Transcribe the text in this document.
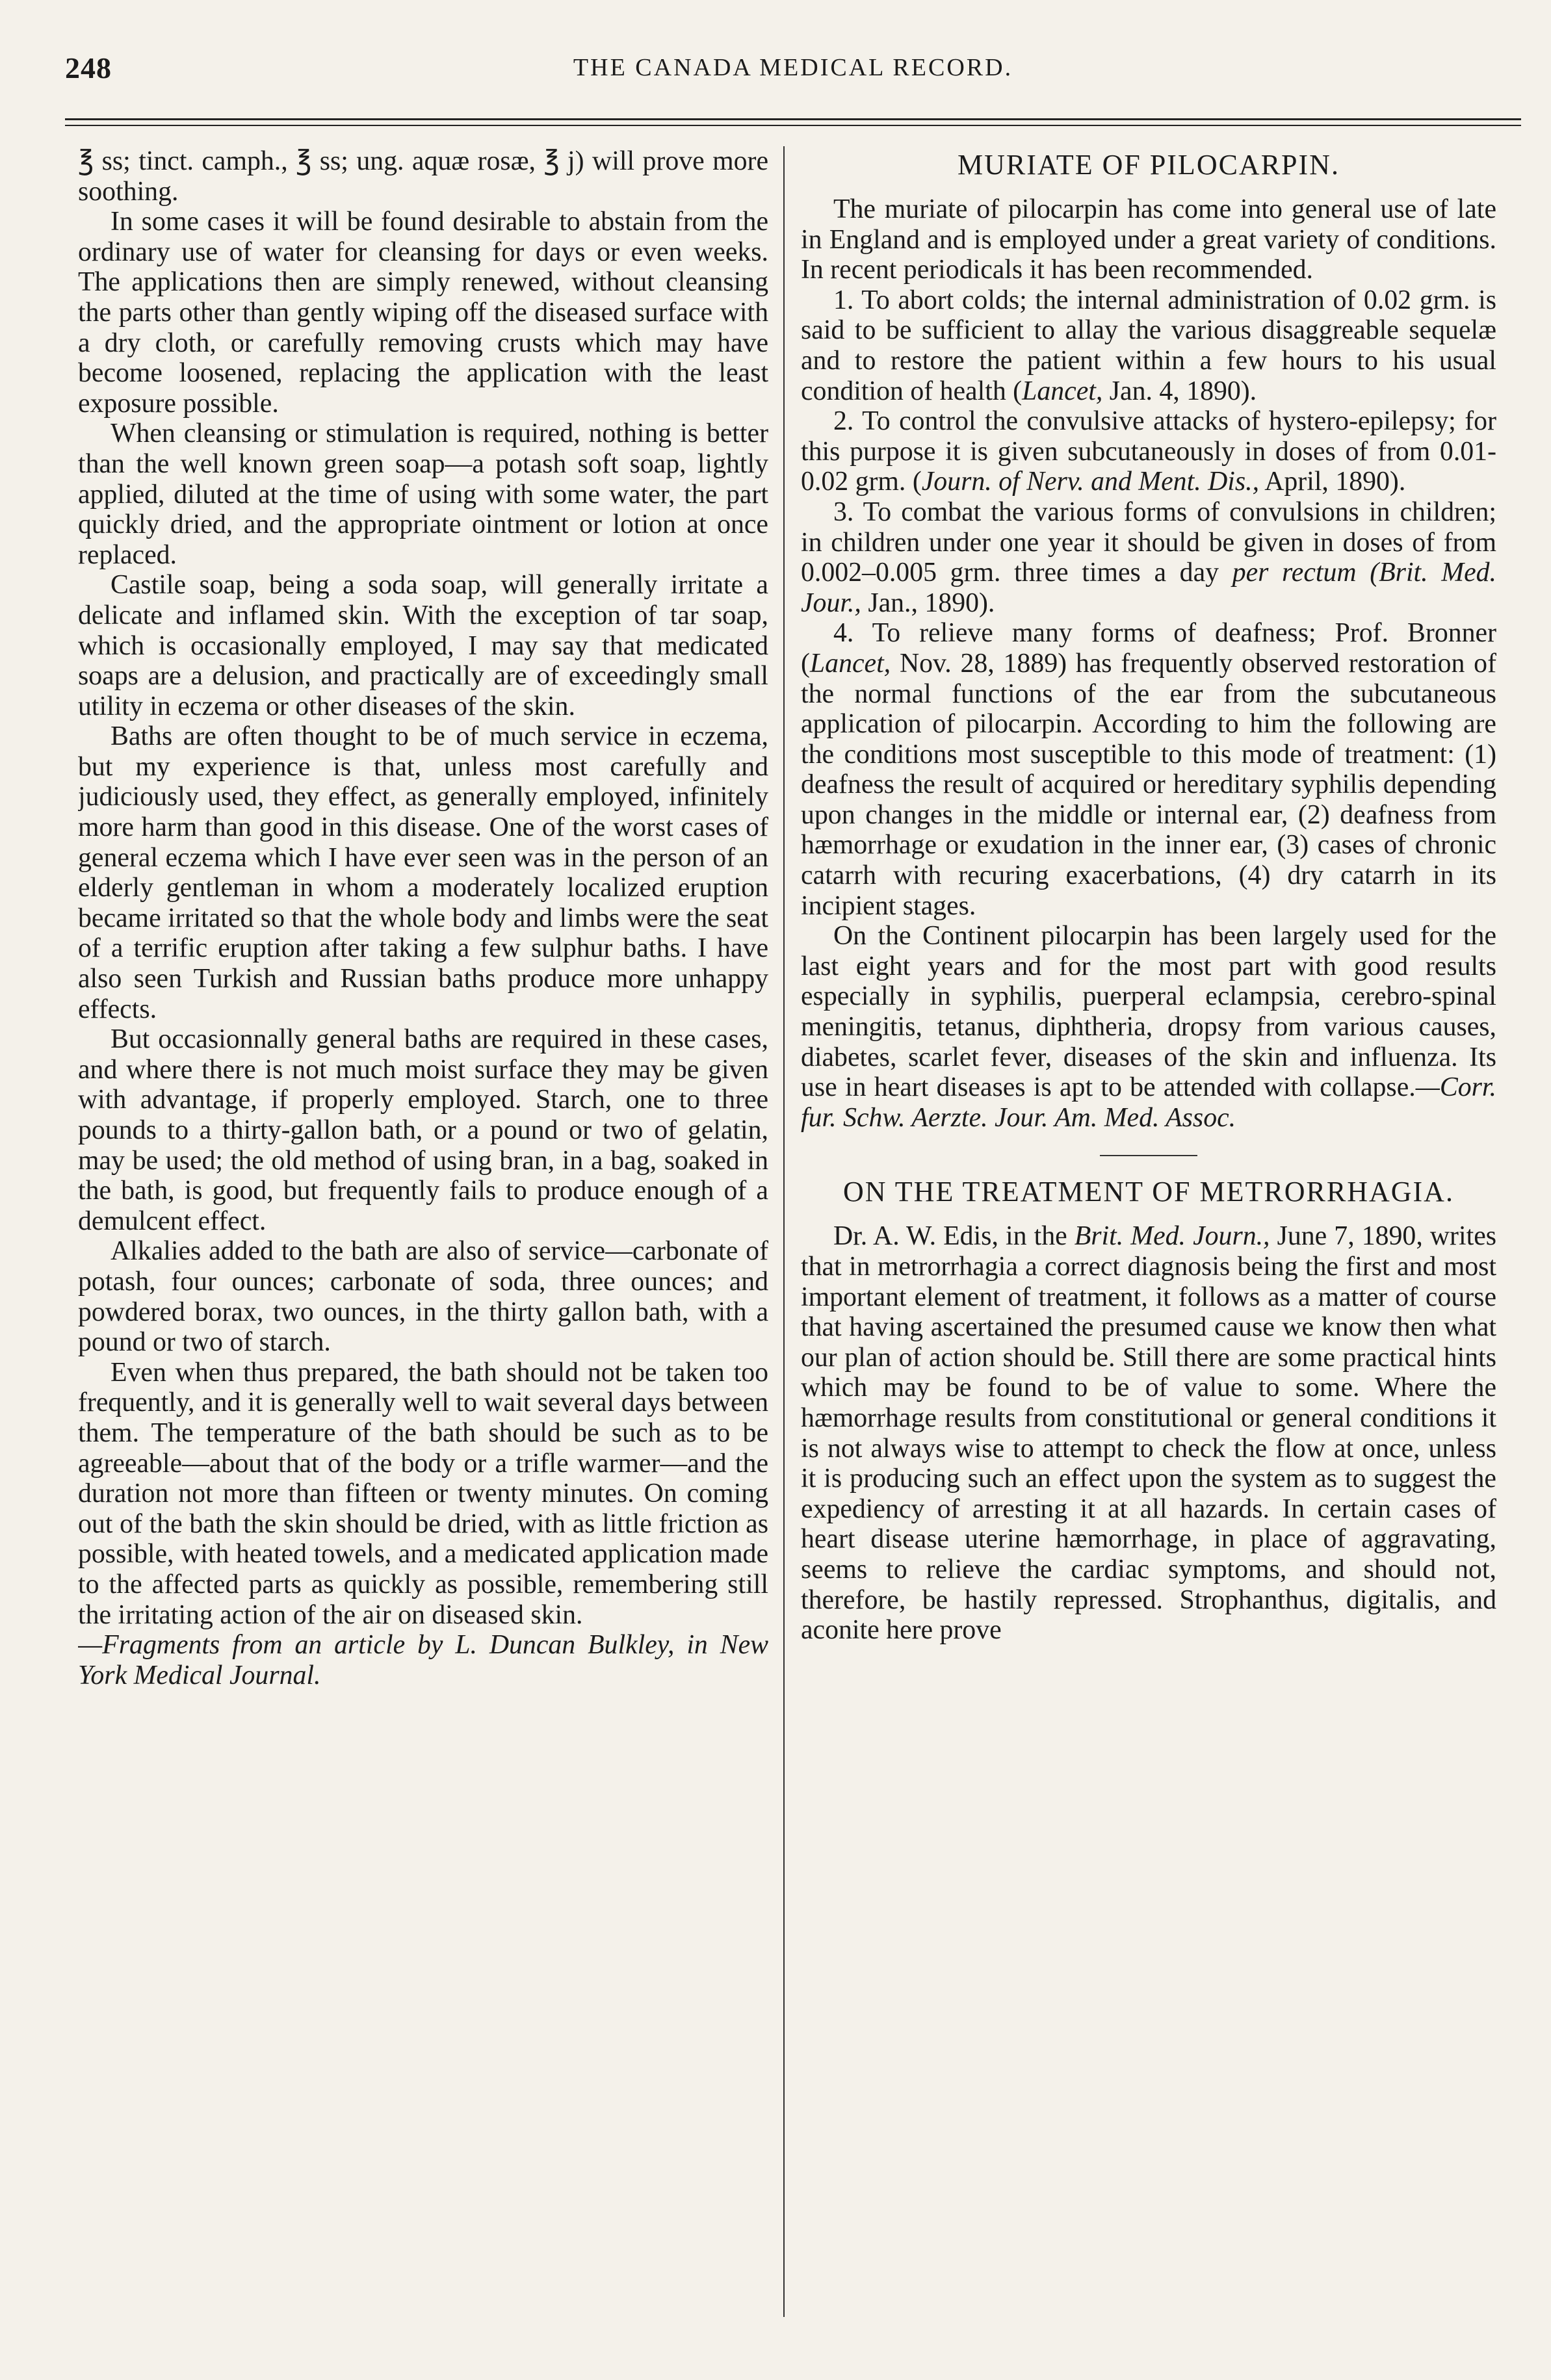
248	THE CANADA MEDICAL RECORD.

℥ ss; tinct. camph., ℥ ss; ung. aquæ rosæ, ℥ j) will prove more soothing.

In some cases it will be found desirable to abstain from the ordinary use of water for cleansing for days or even weeks. The applications then are simply renewed, without cleansing the parts other than gently wiping off the diseased surface with a dry cloth, or carefully removing crusts which may have become loosened, replacing the application with the least exposure possible.

When cleansing or stimulation is required, nothing is better than the well known green soap—a potash soft soap, lightly applied, diluted at the time of using with some water, the part quickly dried, and the appropriate ointment or lotion at once replaced.

Castile soap, being a soda soap, will generally irritate a delicate and inflamed skin. With the exception of tar soap, which is occasionally employed, I may say that medicated soaps are a delusion, and practically are of exceedingly small utility in eczema or other diseases of the skin.

Baths are often thought to be of much service in eczema, but my experience is that, unless most carefully and judiciously used, they effect, as generally employed, infinitely more harm than good in this disease. One of the worst cases of general eczema which I have ever seen was in the person of an elderly gentleman in whom a moderately localized eruption became irritated so that the whole body and limbs were the seat of a terrific eruption after taking a few sulphur baths. I have also seen Turkish and Russian baths produce more unhappy effects.

But occasionnally general baths are required in these cases, and where there is not much moist surface they may be given with advantage, if properly employed. Starch, one to three pounds to a thirty-gallon bath, or a pound or two of gelatin, may be used; the old method of using bran, in a bag, soaked in the bath, is good, but frequently fails to produce enough of a demulcent effect.

Alkalies added to the bath are also of service—carbonate of potash, four ounces; carbonate of soda, three ounces; and powdered borax, two ounces, in the thirty gallon bath, with a pound or two of starch.

Even when thus prepared, the bath should not be taken too frequently, and it is generally well to wait several days between them. The temperature of the bath should be such as to be agreeable—about that of the body or a trifle warmer—and the duration not more than fifteen or twenty minutes. On coming out of the bath the skin should be dried, with as little friction as possible, with heated towels, and a medicated application made to the affected parts as quickly as possible, remembering still the irritating action of the air on diseased skin.

—Fragments from an article by L. Duncan Bulkley, in New York Medical Journal.

MURIATE OF PILOCARPIN.

The muriate of pilocarpin has come into general use of late in England and is employed under a great variety of conditions. In recent periodicals it has been recommended.

1. To abort colds; the internal administration of 0.02 grm. is said to be sufficient to allay the various disaggreable sequelæ and to restore the patient within a few hours to his usual condition of health (Lancet, Jan. 4, 1890).

2. To control the convulsive attacks of hystero-epilepsy; for this purpose it is given subcutaneously in doses of from 0.01-0.02 grm. (Journ. of Nerv. and Ment. Dis., April, 1890).

3. To combat the various forms of convulsions in children; in children under one year it should be given in doses of from 0.002–0.005 grm. three times a day per rectum (Brit. Med. Jour., Jan., 1890).

4. To relieve many forms of deafness; Prof. Bronner (Lancet, Nov. 28, 1889) has frequently observed restoration of the normal functions of the ear from the subcutaneous application of pilocarpin. According to him the following are the conditions most susceptible to this mode of treatment: (1) deafness the result of acquired or hereditary syphilis depending upon changes in the middle or internal ear, (2) deafness from hæmorrhage or exudation in the inner ear, (3) cases of chronic catarrh with recuring exacerbations, (4) dry catarrh in its incipient stages.

On the Continent pilocarpin has been largely used for the last eight years and for the most part with good results especially in syphilis, puerperal eclampsia, cerebro-spinal meningitis, tetanus, diphtheria, dropsy from various causes, diabetes, scarlet fever, diseases of the skin and influenza. Its use in heart diseases is apt to be attended with collapse.—Corr. fur. Schw. Aerzte. Jour. Am. Med. Assoc.

ON THE TREATMENT OF METRORRHAGIA.

Dr. A. W. Edis, in the Brit. Med. Journ., June 7, 1890, writes that in metrorrhagia a correct diagnosis being the first and most important element of treatment, it follows as a matter of course that having ascertained the presumed cause we know then what our plan of action should be. Still there are some practical hints which may be found to be of value to some. Where the hæmorrhage results from constitutional or general conditions it is not always wise to attempt to check the flow at once, unless it is producing such an effect upon the system as to suggest the expediency of arresting it at all hazards. In certain cases of heart disease uterine hæmorrhage, in place of aggravating, seems to relieve the cardiac symptoms, and should not, therefore, be hastily repressed. Strophanthus, digitalis, and aconite here prove
